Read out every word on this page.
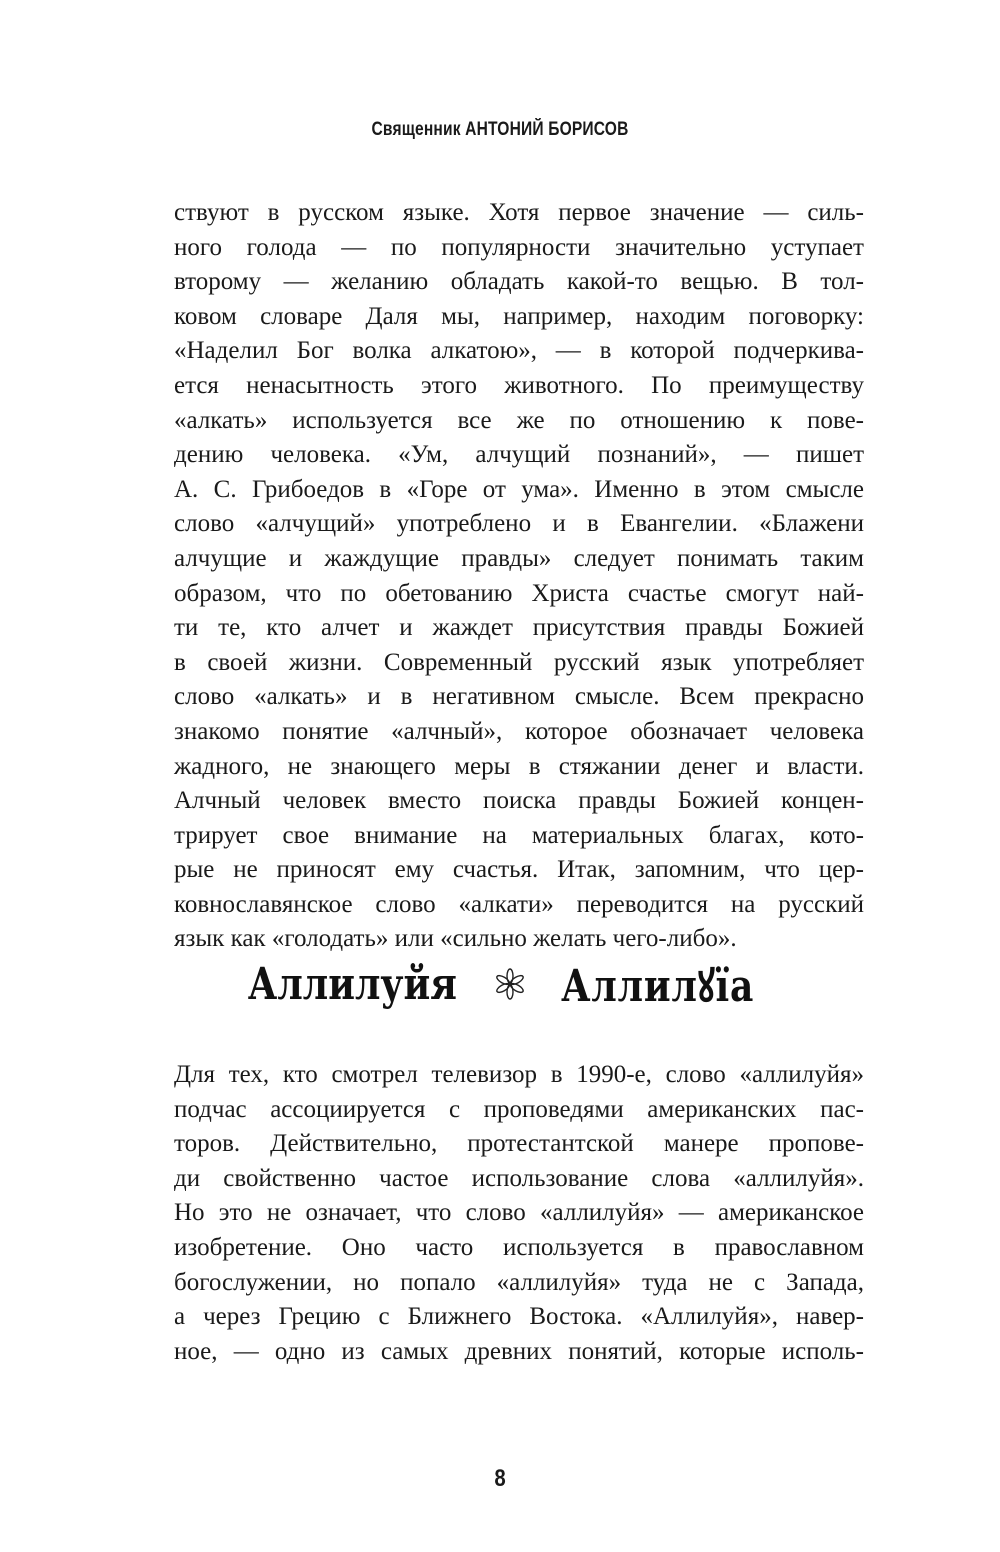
Священник АНТОНИЙ БОРИСОВ
ствуют в русском языке. Хотя первое значение — силь-
ного голода — по популярности значительно уступает
второму — желанию обладать какой-то вещью. В тол-
ковом словаре Даля мы, например, находим поговорку:
«Наделил Бог волка алкатою», — в которой подчеркива-
ется ненасытность этого животного. По преимуществу
«алкать» используется все же по отношению к пове-
дению человека. «Ум, алчущий познаний», — пишет
А. С. Грибоедов в «Горе от ума». Именно в этом смысле
слово «алчущий» употреблено и в Евангелии. «Блажени
алчущие и жаждущие правды» следует понимать таким
образом, что по обетованию Христа счастье смогут най-
ти те, кто алчет и жаждет присутствия правды Божией
в своей жизни. Современный русский язык употребляет
слово «алкать» и в негативном смысле. Всем прекрасно
знакомо понятие «алчный», которое обозначает человека
жадного, не знающего меры в стяжании денег и власти.
Алчный человек вместо поиска правды Божией концен-
трирует свое внимание на материальных благах, кото-
рые не приносят ему счастья. Итак, запомним, что цер-
ковнославянское слово «алкати» переводится на русский
язык как «голодать» или «сильно желать чего-либо».
Аллилуйя Аллилꙋїа
Для тех, кто смотрел телевизор в 1990-е, слово «аллилуйя»
подчас ассоциируется с проповедями американских пас-
торов. Действительно, протестантской манере пропове-
ди свойственно частое использование слова «аллилуйя».
Но это не означает, что слово «аллилуйя» — американское
изобретение. Оно часто используется в православном
богослужении, но попало «аллилуйя» туда не с Запада,
а через Грецию с Ближнего Востока. «Аллилуйя», навер-
ное, — одно из самых древних понятий, которые исполь-
8
